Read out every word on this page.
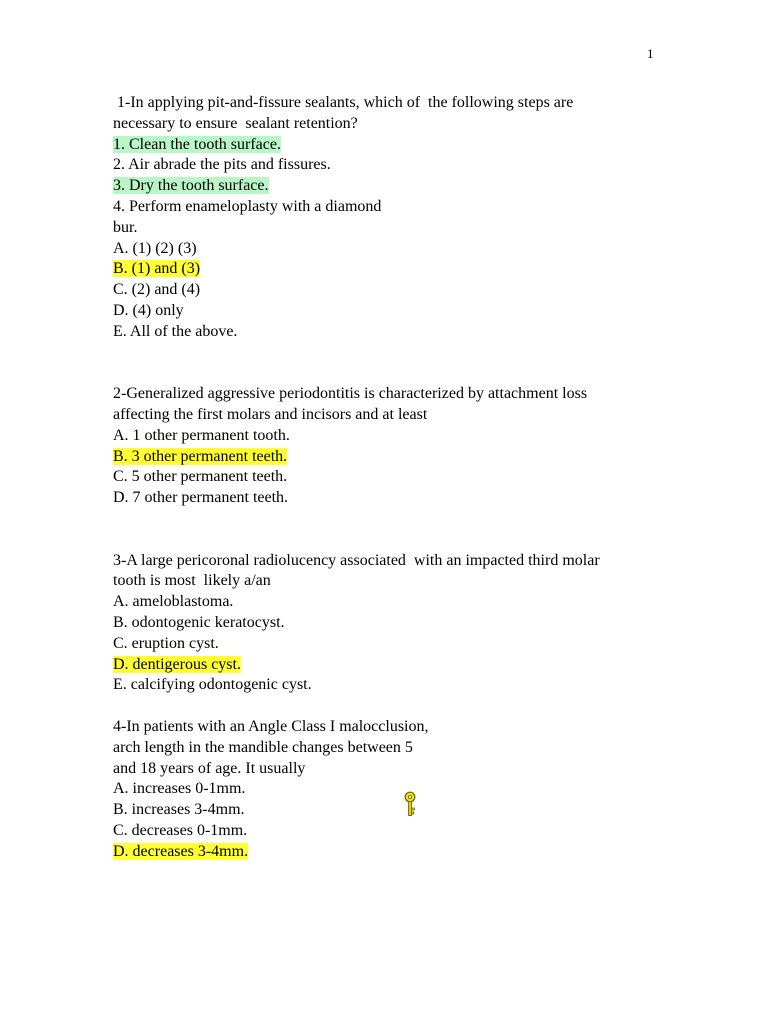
1
1-In applying pit-and-fissure sealants, which of  the following steps are
necessary to ensure  sealant retention?
1. Clean the tooth surface.
2. Air abrade the pits and fissures.
3. Dry the tooth surface.
4. Perform enameloplasty with a diamond
bur.
A. (1) (2) (3)
B. (1) and (3)
C. (2) and (4)
D. (4) only
E. All of the above.
2-Generalized aggressive periodontitis is characterized by attachment loss
affecting the first molars and incisors and at least
A. 1 other permanent tooth.
B. 3 other permanent teeth.
C. 5 other permanent teeth.
D. 7 other permanent teeth.
3-A large pericoronal radiolucency associated  with an impacted third molar
tooth is most  likely a/an
A. ameloblastoma.
B. odontogenic keratocyst.
C. eruption cyst.
D. dentigerous cyst.
E. calcifying odontogenic cyst.
4-In patients with an Angle Class I malocclusion,
arch length in the mandible changes between 5
and 18 years of age. It usually
A. increases 0-1mm.
B. increases 3-4mm.
C. decreases 0-1mm.
D. decreases 3-4mm.
